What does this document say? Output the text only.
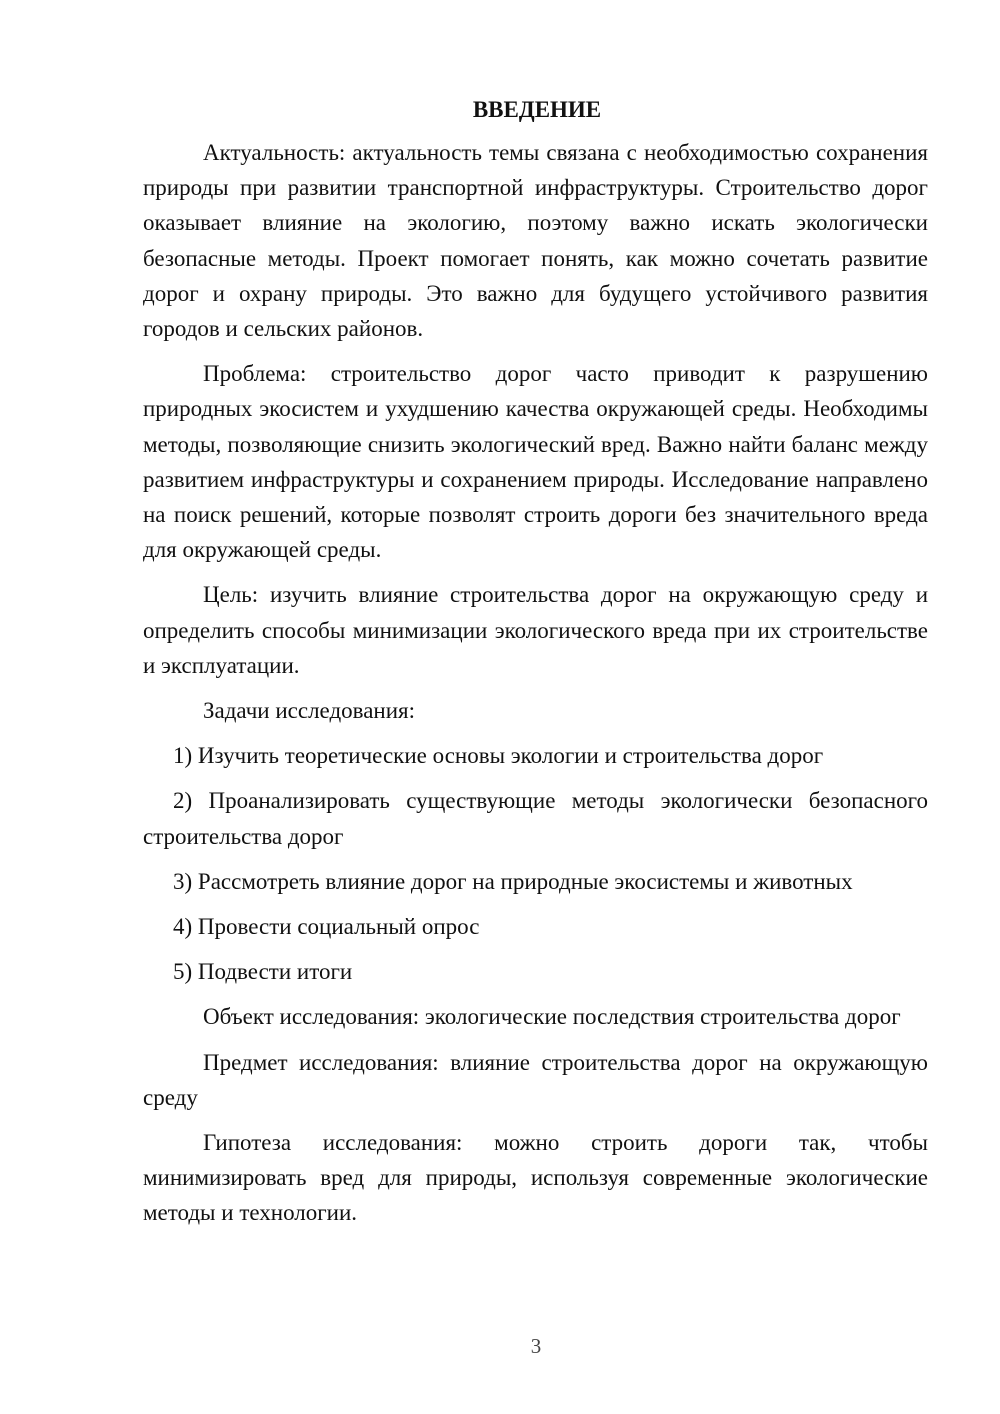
ВВЕДЕНИЕ

Актуальность: актуальность темы связана с необходимостью сохранения природы при развитии транспортной инфраструктуры. Строительство дорог оказывает влияние на экологию, поэтому важно искать экологически безопасные методы. Проект помогает понять, как можно сочетать развитие дорог и охрану природы. Это важно для будущего устойчивого развития городов и сельских районов.

Проблема: строительство дорог часто приводит к разрушению природных экосистем и ухудшению качества окружающей среды. Необходимы методы, позволяющие снизить экологический вред. Важно найти баланс между развитием инфраструктуры и сохранением природы. Исследование направлено на поиск решений, которые позволят строить дороги без значительного вреда для окружающей среды.

Цель: изучить влияние строительства дорог на окружающую среду и определить способы минимизации экологического вреда при их строительстве и эксплуатации.

Задачи исследования:

1) Изучить теоретические основы экологии и строительства дорог

2) Проанализировать существующие методы экологически безопасного строительства дорог

3) Рассмотреть влияние дорог на природные экосистемы и животных

4) Провести социальный опрос

5) Подвести итоги

Объект исследования: экологические последствия строительства дорог

Предмет исследования: влияние строительства дорог на окружающую среду

Гипотеза исследования: можно строить дороги так, чтобы минимизировать вред для природы, используя современные экологические методы и технологии.

3
